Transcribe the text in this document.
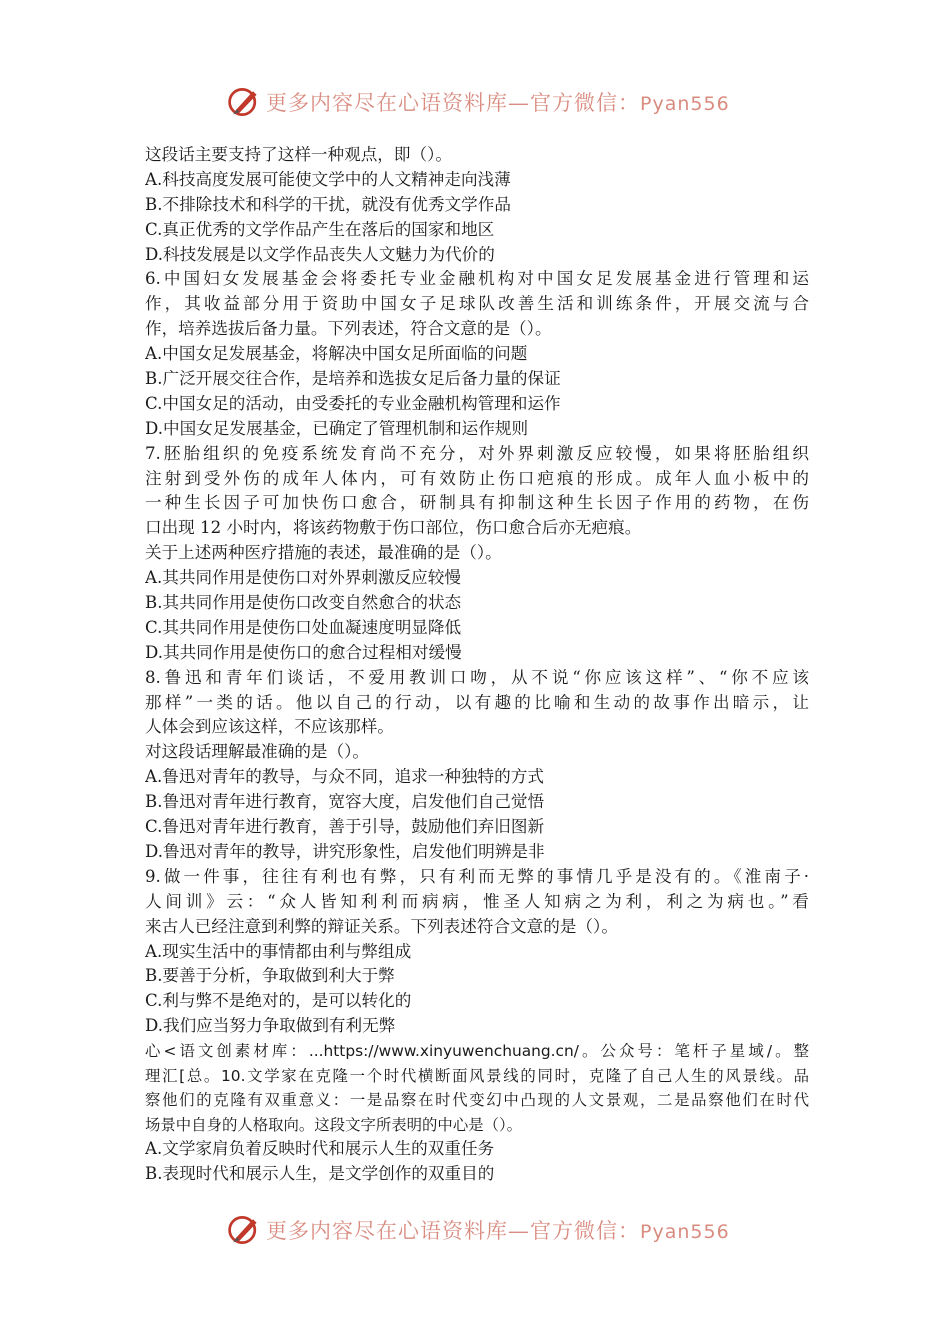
更多内容尽在心语资料库—官方微信：Pyan556
这段话主要支持了这样一种观点，即（）。
A.科技高度发展可能使文学中的人文精神走向浅薄
B.不排除技术和科学的干扰，就没有优秀文学作品
C.真正优秀的文学作品产生在落后的国家和地区
D.科技发展是以文学作品丧失人文魅力为代价的
6.中国妇女发展基金会将委托专业金融机构对中国女足发展基金进行管理和运
作，其收益部分用于资助中国女子足球队改善生活和训练条件，开展交流与合
作，培养选拔后备力量。下列表述，符合文意的是（）。
A.中国女足发展基金，将解决中国女足所面临的问题
B.广泛开展交往合作，是培养和选拔女足后备力量的保证
C.中国女足的活动，由受委托的专业金融机构管理和运作
D.中国女足发展基金，已确定了管理机制和运作规则
7.胚胎组织的免疫系统发育尚不充分，对外界刺激反应较慢，如果将胚胎组织
注射到受外伤的成年人体内，可有效防止伤口疤痕的形成。成年人血小板中的
一种生长因子可加快伤口愈合，研制具有抑制这种生长因子作用的药物，在伤
口出现 12 小时内，将该药物敷于伤口部位，伤口愈合后亦无疤痕。
关于上述两种医疗措施的表述，最准确的是（）。
A.其共同作用是使伤口对外界刺激反应较慢
B.其共同作用是使伤口改变自然愈合的状态
C.其共同作用是使伤口处血凝速度明显降低
D.其共同作用是使伤口的愈合过程相对缓慢
8.鲁迅和青年们谈话，不爱用教训口吻，从不说“你应该这样”、“你不应该
那样”一类的话。他以自己的行动，以有趣的比喻和生动的故事作出暗示，让
人体会到应该这样，不应该那样。
对这段话理解最准确的是（）。
A.鲁迅对青年的教导，与众不同，追求一种独特的方式
B.鲁迅对青年进行教育，宽容大度，启发他们自己觉悟
C.鲁迅对青年进行教育，善于引导，鼓励他们弃旧图新
D.鲁迅对青年的教导，讲究形象性，启发他们明辨是非
9.做一件事，往往有利也有弊，只有利而无弊的事情几乎是没有的。《淮南子·
人间训》云：“众人皆知利利而病病，惟圣人知病之为利，利之为病也。”看
来古人已经注意到利弊的辩证关系。下列表述符合文意的是（）。
A.现实生活中的事情都由利与弊组成
B.要善于分析，争取做到利大于弊
C.利与弊不是绝对的，是可以转化的
D.我们应当努力争取做到有利无弊
心<语文创素材库：...https://www.xinyuwenchuang.cn/。公众号：笔杆子星域/。整
理汇[总。10.文学家在克隆一个时代横断面风景线的同时，克隆了自己人生的风景线。品
察他们的克隆有双重意义：一是品察在时代变幻中凸现的人文景观，二是品察他们在时代
场景中自身的人格取向。这段文字所表明的中心是（）。
A.文学家肩负着反映时代和展示人生的双重任务
B.表现时代和展示人生，是文学创作的双重目的
更多内容尽在心语资料库—官方微信：Pyan556
